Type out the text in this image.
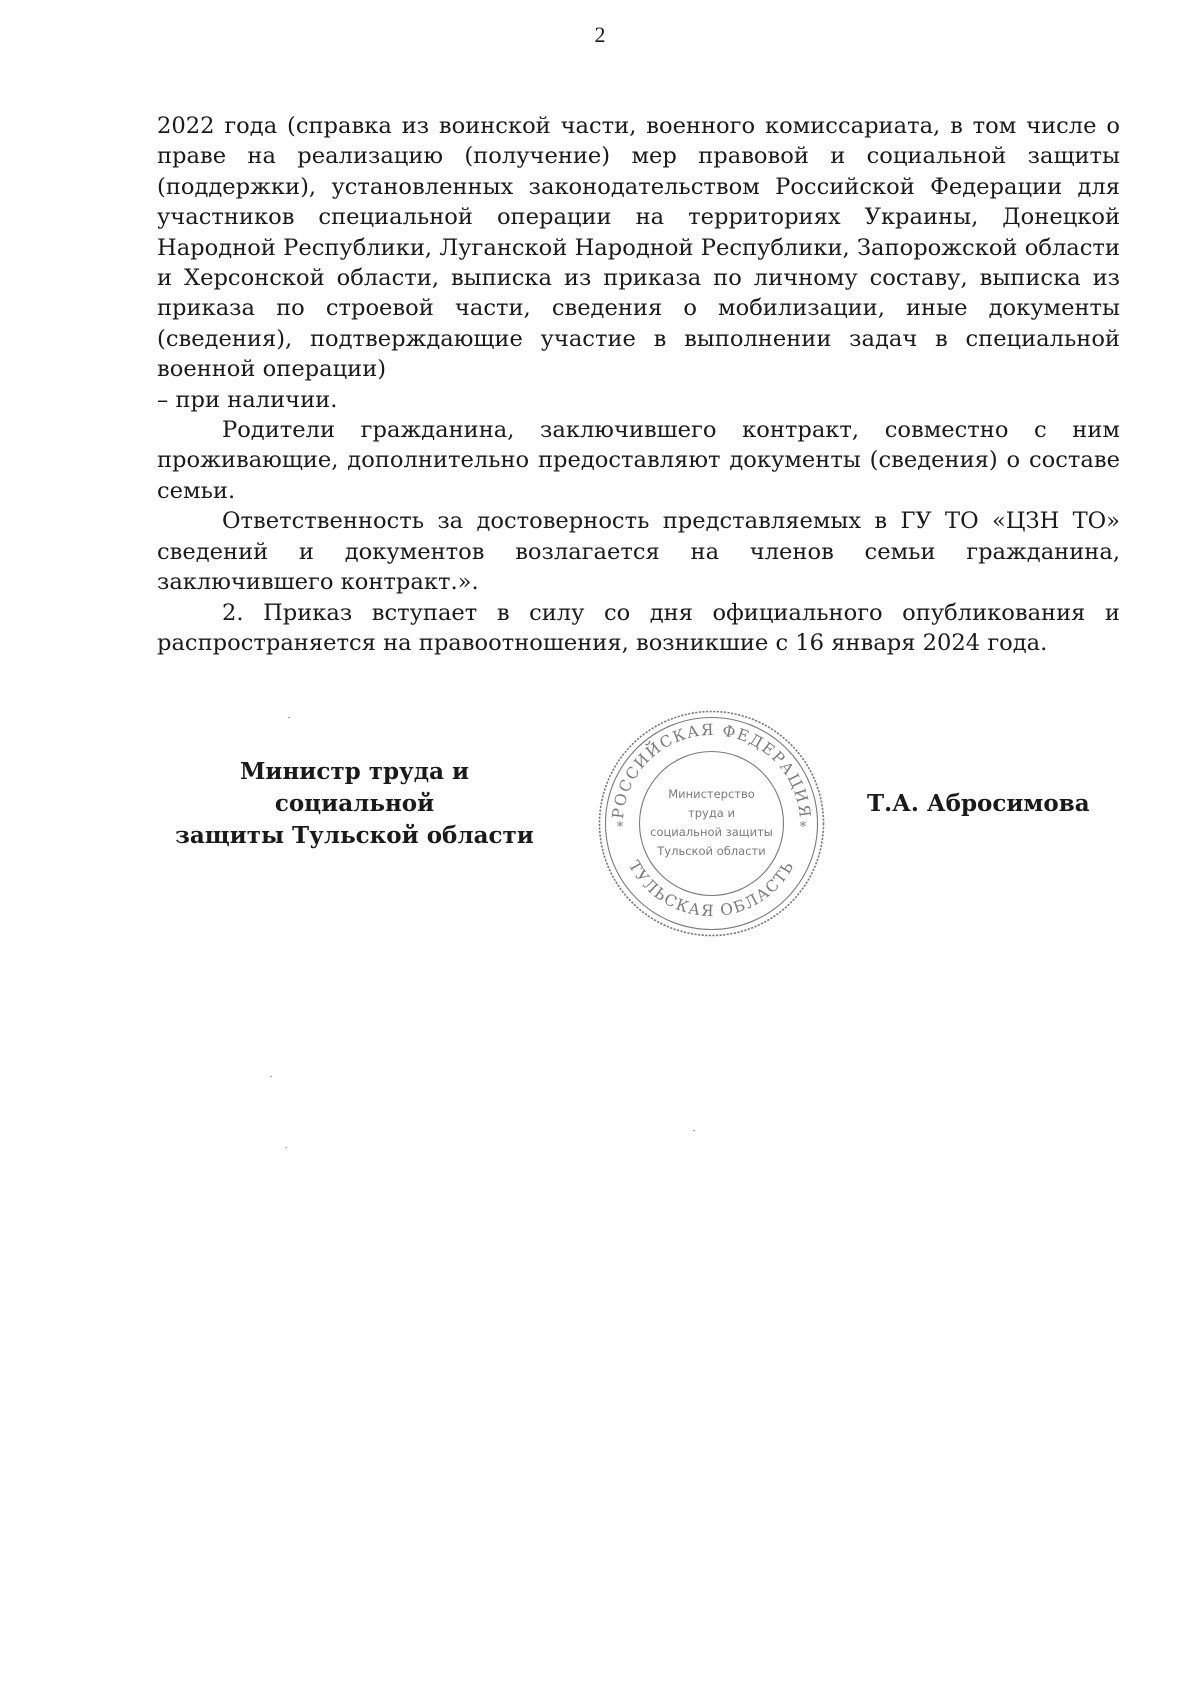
2

2022 года (справка из воинской части, военного комиссариата, в том числе о праве на реализацию (получение) мер правовой и социальной защиты (поддержки), установленных законодательством Российской Федерации для участников специальной операции на территориях Украины, Донецкой Народной Республики, Луганской Народной Республики, Запорожской области и Херсонской области, выписка из приказа по личному составу, выписка из приказа по строевой части, сведения о мобилизации, иные документы (сведения), подтверждающие участие в выполнении задач в специальной военной операции)
– при наличии.

Родители гражданина, заключившего контракт, совместно с ним проживающие, дополнительно предоставляют документы (сведения) о составе семьи.

Ответственность за достоверность представляемых в ГУ ТО «ЦЗН ТО» сведений и документов возлагается на членов семьи гражданина, заключившего контракт.».

2. Приказ вступает в силу со дня официального опубликования и распространяется на правоотношения, возникшие с 16 января 2024 года.

Министр труда и социальной
защиты Тульской области
Т.А. Абросимова
РОССИЙСКАЯ ФЕДЕРАЦИЯ
ТУЛЬСКАЯ ОБЛАСТЬ
*	*
Министерство
труда и
социальной защиты
Тульской области
